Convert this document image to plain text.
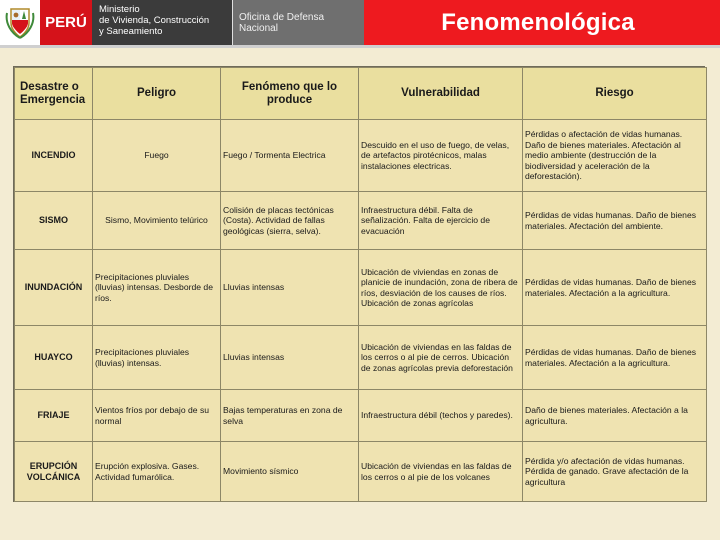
PERÚ
Ministerio
de Vivienda, Construcción
y Saneamiento
Oficina de Defensa Nacional	Fenomenológica
Desastre o Emergencia	Peligro	Fenómeno que lo produce	Vulnerabilidad	Riesgo
INCENDIO	Fuego	Fuego / Tormenta Electrica	Descuido en el uso de fuego, de velas, de artefactos pirotécnicos, malas instalaciones electricas.	Pérdidas o afectación de vidas humanas. Daño de bienes materiales. Afectación al medio ambiente (destrucción de la biodiversidad y aceleración de la deforestación).
SISMO	Sismo, Movimiento telúrico	Colisión de placas tectónicas (Costa). Actividad de fallas geológicas (sierra, selva).	Infraestructura débil. Falta de señalización. Falta de ejercicio de evacuación	Pérdidas de vidas humanas. Daño de bienes materiales. Afectación del ambiente.
INUNDACIÓN	Precipitaciones pluviales (lluvias) intensas. Desborde de ríos.	Lluvias intensas	Ubicación de viviendas en zonas de planicie de inundación, zona de ribera de ríos, desviación de los causes de ríos. Ubicación de zonas agrícolas	Pérdidas de vidas humanas. Daño de bienes materiales. Afectación a la agricultura.
HUAYCO	Precipitaciones pluviales (lluvias) intensas.	Lluvias intensas	Ubicación de viviendas en las faldas de los cerros o al pie de cerros. Ubicación de zonas agrícolas previa deforestación	Pérdidas de vidas humanas. Daño de bienes materiales. Afectación a la agricultura.
FRIAJE	Vientos fríos por debajo de su normal	Bajas temperaturas en zona de selva	Infraestructura débil (techos y paredes).	Daño de bienes materiales. Afectación a la agricultura.
ERUPCIÓN VOLCÁNICA	Erupción explosiva. Gases. Actividad fumarólica.	Movimiento sísmico	Ubicación de viviendas en las faldas de los cerros o al pie de los volcanes	Pérdida y/o afectación de vidas humanas. Pérdida de ganado. Grave afectación de la agricultura
